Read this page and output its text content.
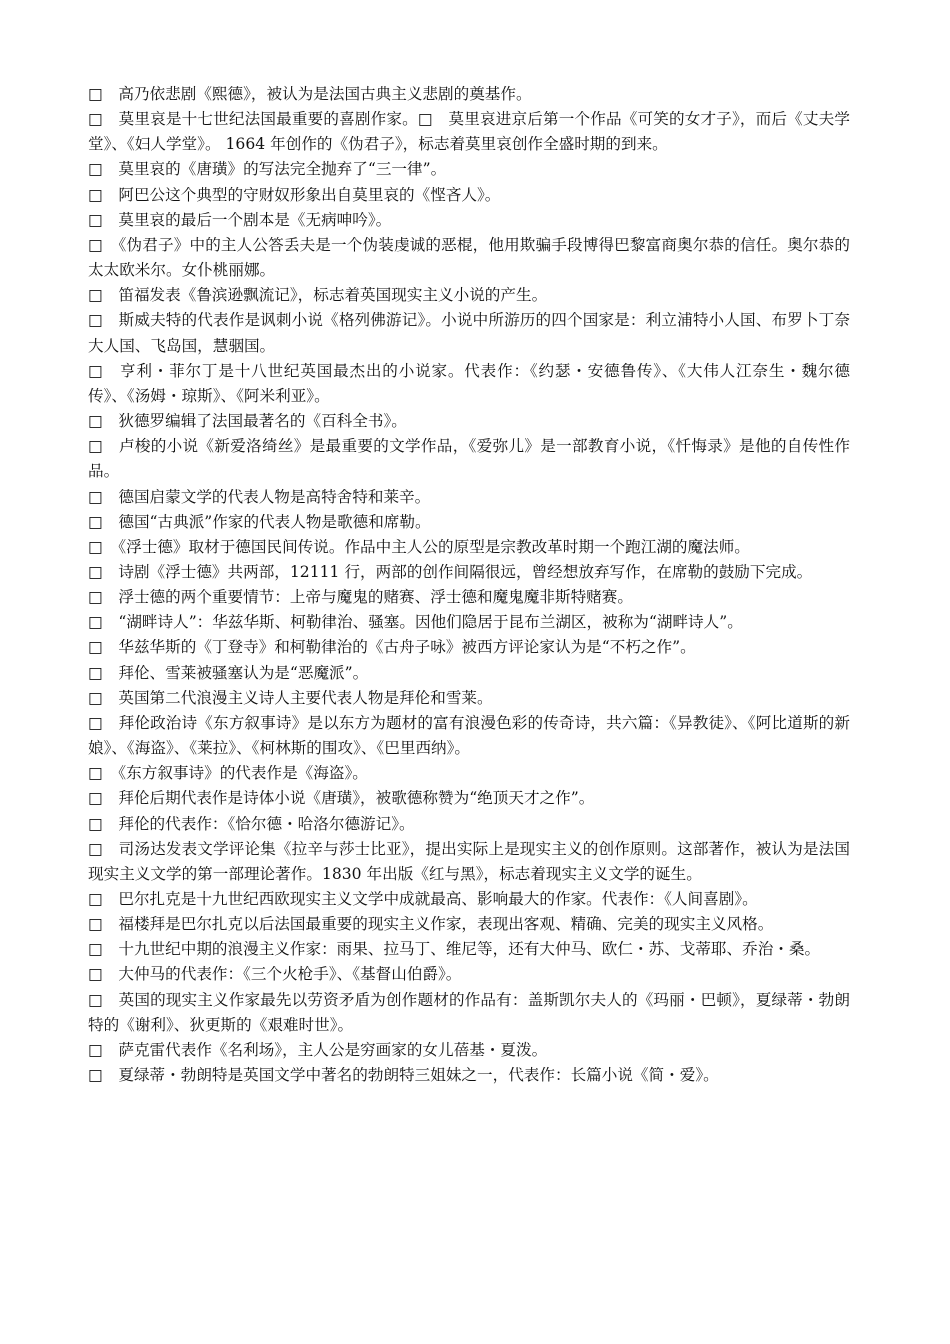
□　 高乃依悲剧《熙德》，被认为是法国古典主义悲剧的奠基作。

□　 莫里哀是十七世纪法国最重要的喜剧作家。□　莫里哀进京后第一个作品《可笑的女才子》，而后《丈夫学堂》、《妇人学堂》。 1664 年创作的《伪君子》，标志着莫里哀创作全盛时期的到来。

□　 莫里哀的《唐璜》的写法完全抛弃了“三一律”。

□　 阿巴公这个典型的守财奴形象出自莫里哀的《悭吝人》。

□　 莫里哀的最后一个剧本是《无病呻吟》。

□　 《伪君子》中的主人公答丢夫是一个伪装虔诚的恶棍，他用欺骗手段博得巴黎富商奥尔恭的信任。奥尔恭的太太欧米尔。女仆桃丽娜。

□　 笛福发表《鲁滨逊飘流记》，标志着英国现实主义小说的产生。

□　 斯威夫特的代表作是讽刺小说《格列佛游记》。小说中所游历的四个国家是：利立浦特小人国、布罗卜丁奈大人国、飞岛国，慧骃国。

□　 亨利・菲尔丁是十八世纪英国最杰出的小说家。代表作：《约瑟・安德鲁传》、《大伟人江奈生・魏尔德传》、《汤姆・琼斯》、《阿米利亚》。

□　 狄德罗编辑了法国最著名的《百科全书》。

□　 卢梭的小说《新爱洛绮丝》是最重要的文学作品，《爱弥儿》是一部教育小说，《忏悔录》是他的自传性作品。

□　 德国启蒙文学的代表人物是高特舍特和莱辛。

□　 德国“古典派”作家的代表人物是歌德和席勒。

□　 《浮士德》取材于德国民间传说。作品中主人公的原型是宗教改革时期一个跑江湖的魔法师。

□　 诗剧《浮士德》共两部，12111 行，两部的创作间隔很远，曾经想放弃写作，在席勒的鼓励下完成。

□　 浮士德的两个重要情节：上帝与魔鬼的赌赛、浮士德和魔鬼魔非斯特赌赛。

□　 “湖畔诗人”：华兹华斯、柯勒律治、骚塞。因他们隐居于昆布兰湖区，被称为“湖畔诗人”。

□　 华兹华斯的《丁登寺》和柯勒律治的《古舟子咏》被西方评论家认为是“不朽之作”。

□　 拜伦、雪莱被骚塞认为是“恶魔派”。

□　 英国第二代浪漫主义诗人主要代表人物是拜伦和雪莱。

□　 拜伦政治诗《东方叙事诗》是以东方为题材的富有浪漫色彩的传奇诗，共六篇：《异教徒》、《阿比道斯的新娘》、《海盗》、《莱拉》、《柯林斯的围攻》、《巴里西纳》。

□　 《东方叙事诗》的代表作是《海盗》。

□　 拜伦后期代表作是诗体小说《唐璜》，被歌德称赞为“绝顶天才之作”。

□　 拜伦的代表作：《恰尔德・哈洛尔德游记》。

□　 司汤达发表文学评论集《拉辛与莎士比亚》，提出实际上是现实主义的创作原则。这部著作，被认为是法国现实主义文学的第一部理论著作。1830 年出版《红与黑》，标志着现实主义文学的诞生。

□　 巴尔扎克是十九世纪西欧现实主义文学中成就最高、影响最大的作家。代表作：《人间喜剧》。

□　 福楼拜是巴尔扎克以后法国最重要的现实主义作家，表现出客观、精确、完美的现实主义风格。

□　 十九世纪中期的浪漫主义作家：雨果、拉马丁、维尼等，还有大仲马、欧仁・苏、戈蒂耶、乔治・桑。

□　 大仲马的代表作：《三个火枪手》、《基督山伯爵》。

□　 英国的现实主义作家最先以劳资矛盾为创作题材的作品有：盖斯凯尔夫人的《玛丽・巴顿》，夏绿蒂・勃朗特的《谢利》、狄更斯的《艰难时世》。

□　 萨克雷代表作《名利场》，主人公是穷画家的女儿蓓基・夏泼。

□　 夏绿蒂・勃朗特是英国文学中著名的勃朗特三姐妹之一，代表作：长篇小说《简・爱》。
